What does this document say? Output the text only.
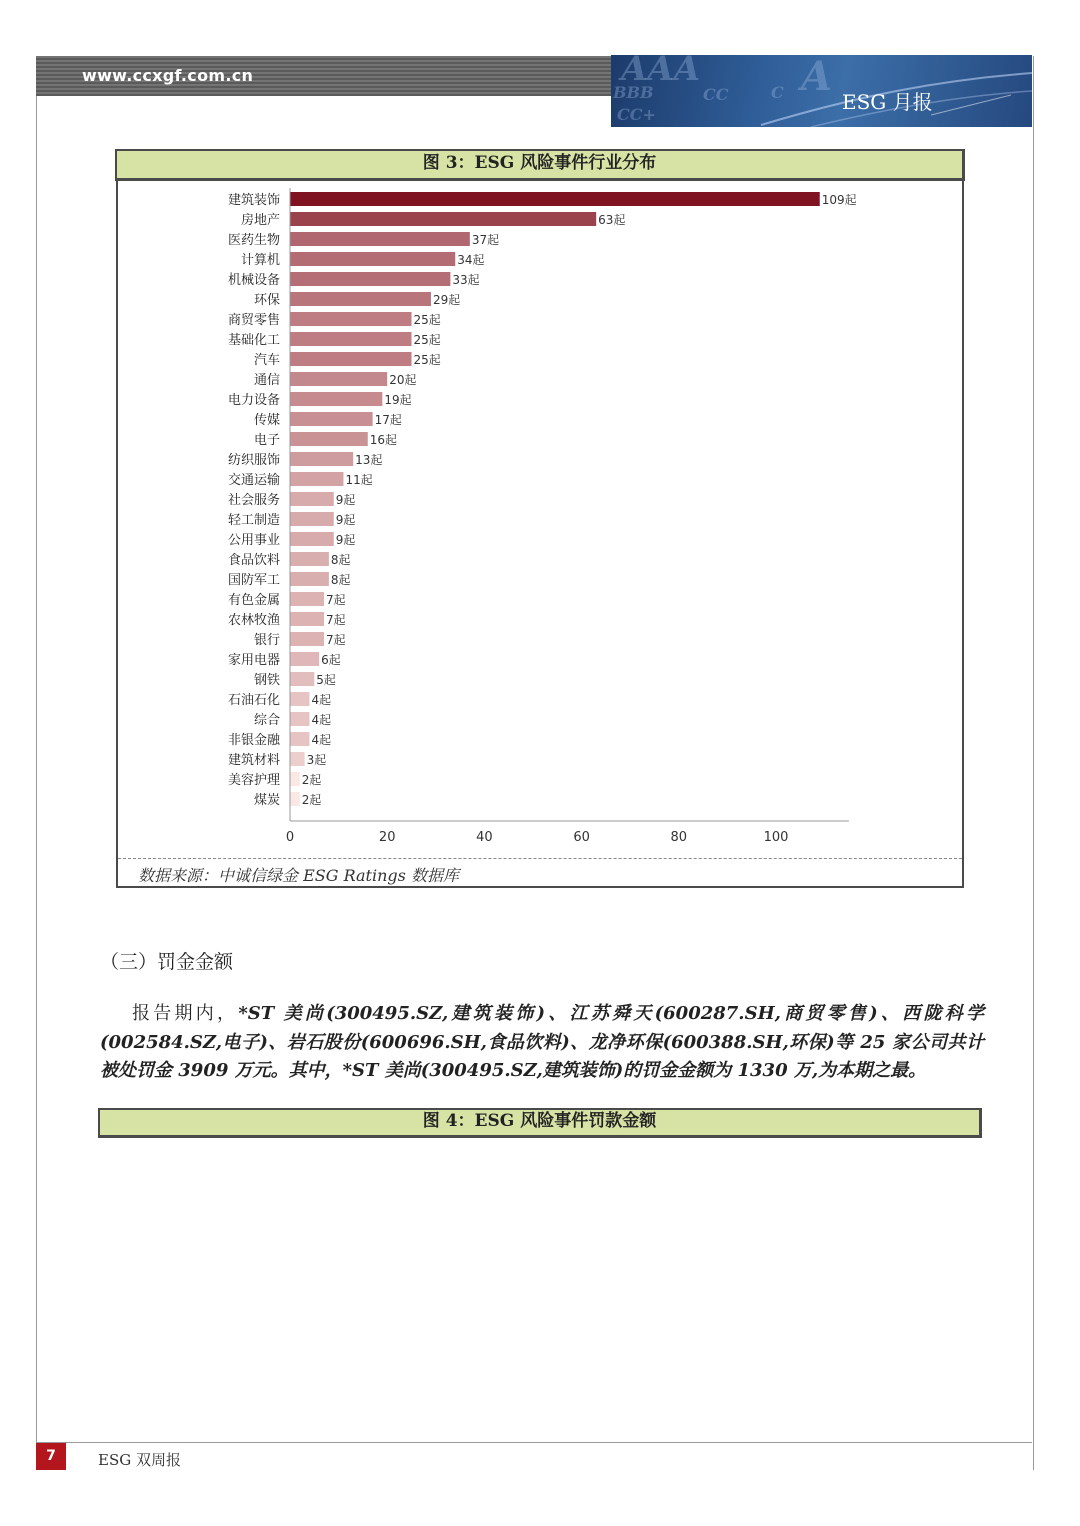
www.ccxgf.com.cn	AAA	A
BBB	CC	C
CC+
ESG 月报
图 3：ESG 风险事件行业分布
建筑装饰	109起
房地产	63起
医药生物	37起
计算机	34起
机械设备	33起
环保	29起
商贸零售	25起
基础化工	25起
汽车	25起
通信	20起
电力设备	19起
传媒	17起
电子	16起
纺织服饰	13起
交通运输	11起
社会服务	9起
轻工制造	9起
公用事业	9起
食品饮料	8起
国防军工	8起
有色金属	7起
农林牧渔	7起
银行	7起
家用电器	6起
钢铁	5起
石油石化	4起
综合	4起
非银金融	4起
建筑材料 3起
美容护理 2起
煤炭 2起
0	20	40	60	80	100
数据来源：中诚信绿金 ESG Ratings 数据库
（三）罚金金额
报告期内，*ST 美尚(300495.SZ,建筑装饰)、江苏舜天(600287.SH,商贸零售)、西陇科学(002584.SZ,电子)、岩石股份(600696.SH,食品饮料)、龙净环保(600388.SH,环保)等 25 家公司共计被处罚金 3909 万元。其中，*ST 美尚(300495.SZ,建筑装饰)的罚金金额为 1330 万,为本期之最。
图 4：ESG 风险事件罚款金额
7	ESG 双周报
